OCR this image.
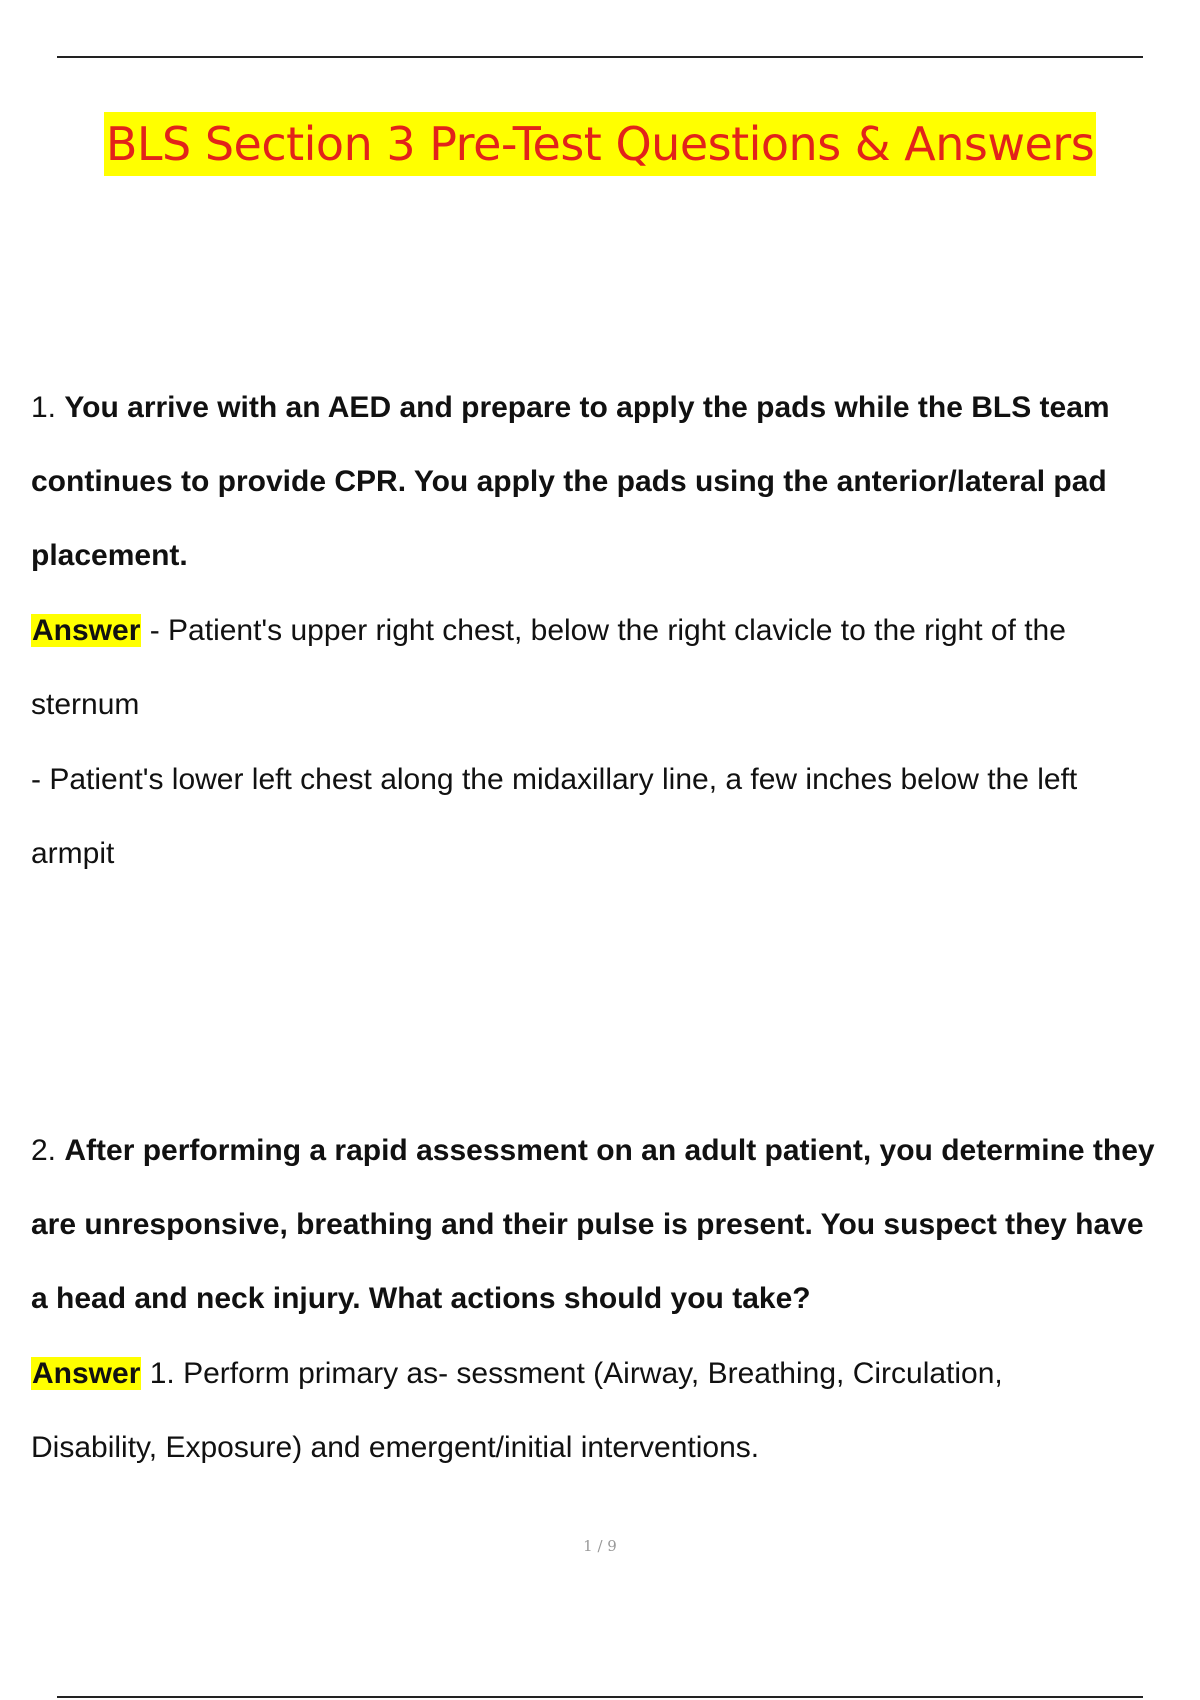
BLS Section 3 Pre-Test Questions & Answers
1. You arrive with an AED and prepare to apply the pads while the BLS team
continues to provide CPR. You apply the pads using the anterior/lateral pad
placement.
Answer - Patient's upper right chest, below the right clavicle to the right of the
sternum
- Patient's lower left chest along the midaxillary line, a few inches below the left
armpit
2. After performing a rapid assessment on an adult patient, you determine they
are unresponsive, breathing and their pulse is present. You suspect they have
a head and neck injury. What actions should you take?
Answer 1. Perform primary as- sessment (Airway, Breathing, Circulation,
Disability, Exposure) and emergent/initial interventions.
1 / 9
